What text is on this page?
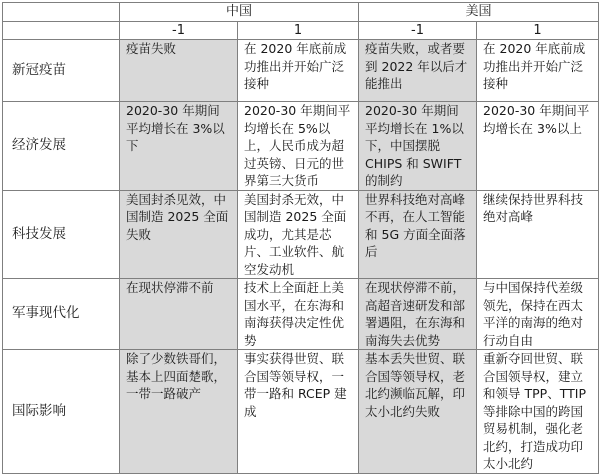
	中国		美国	
	-1	1	-1	1
新冠疫苗	疫苗失败	在 2020 年底前成功推出并开始广泛接种	疫苗失败，或者要到 2022 年以后才能推出	在 2020 年底前成功推出并开始广泛接种
经济发展	2020-30 年期间平均增长在 3%以下	2020-30 年期间平均增长在 5%以上，人民币成为超过英镑、日元的世界第三大货币	2020-30 年期间平均增长在 1%以下，中国摆脱 CHIPS 和 SWIFT 的制约	2020-30 年期间平均增长在 3%以上
科技发展	美国封杀见效，中国制造 2025 全面失败	美国封杀无效，中国制造 2025 全面成功，尤其是芯片、工业软件、航空发动机	世界科技绝对高峰不再，在人工智能和 5G 方面全面落后	继续保持世界科技绝对高峰
军事现代化	在现状停滞不前	技术上全面赶上美国水平，在东海和南海获得决定性优势	在现状停滞不前，高超音速研发和部署遇阻，在东海和南海失去优势	与中国保持代差级领先，保持在西太平洋的南海的绝对行动自由
国际影响	除了少数铁哥们，基本上四面楚歌，一带一路破产	事实获得世贸、联合国等领导权，一带一路和 RCEP 建成	基本丢失世贸、联合国等领导权，老北约濒临瓦解，印太小北约失败	重新夺回世贸、联合国领导权，建立和领导 TPP、TTIP 等排除中国的跨国贸易机制，强化老北约，打造成功印太小北约
